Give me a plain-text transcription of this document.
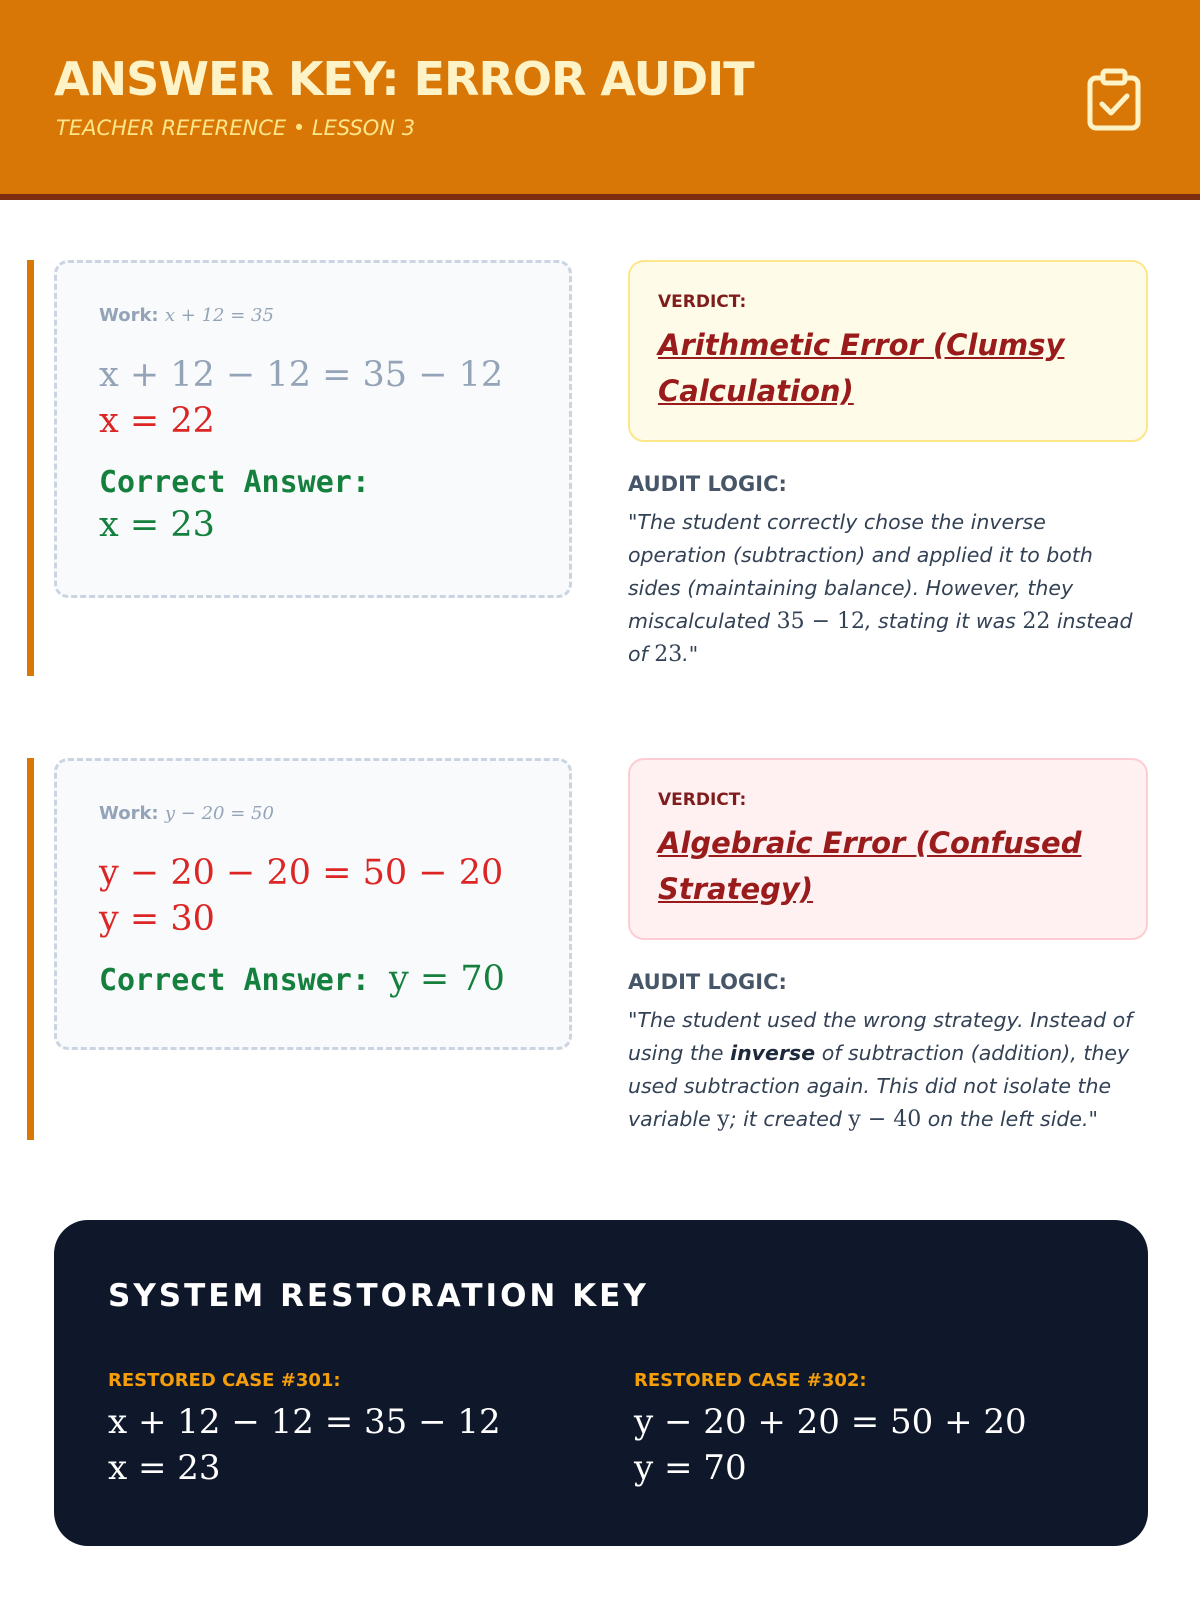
ANSWER KEY: ERROR AUDIT
TEACHER REFERENCE • LESSON 3
Work: x + 12 = 35
x + 12 − 12 = 35 − 12
x = 22
Correct Answer:
x = 23
VERDICT:
Arithmetic Error (Clumsy Calculation)
AUDIT LOGIC:
"The student correctly chose the inverse operation (subtraction) and applied it to both sides (maintaining balance). However, they miscalculated 35 − 12, stating it was 22 instead of 23."
Work: y − 20 = 50
y − 20 − 20 = 50 − 20
y = 30
Correct Answer: y = 70
VERDICT:
Algebraic Error (Confused Strategy)
AUDIT LOGIC:
"The student used the wrong strategy. Instead of using the inverse of subtraction (addition), they used subtraction again. This did not isolate the variable y; it created y − 40 on the left side."
SYSTEM RESTORATION KEY
RESTORED CASE #301:
x + 12 − 12 = 35 − 12
x = 23
RESTORED CASE #302:
y − 20 + 20 = 50 + 20
y = 70
